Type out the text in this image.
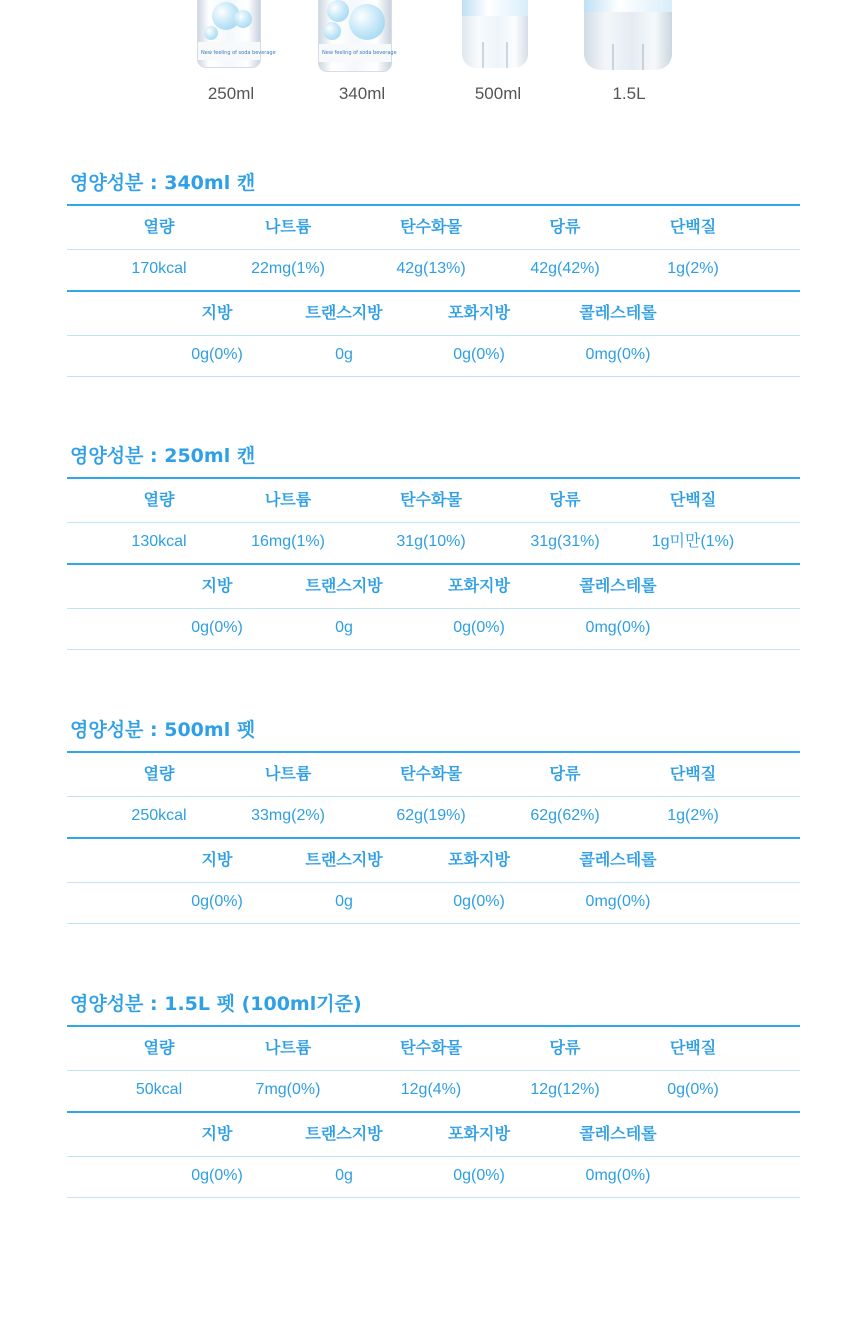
New feeling of soda beverage
250ml
New feeling of soda beverage
340ml	500ml	1.5L
영양성분 : 340ml 캔
열량	나트륨	탄수화물	당류	단백질
170kcal	22mg(1%)	42g(13%)	42g(42%)	1g(2%)
지방	트랜스지방	포화지방	콜레스테롤
0g(0%)	0g	0g(0%)	0mg(0%)
영양성분 : 250ml 캔
열량	나트륨	탄수화물	당류	단백질
130kcal	16mg(1%)	31g(10%)	31g(31%)	1g미만(1%)
지방	트랜스지방	포화지방	콜레스테롤
0g(0%)	0g	0g(0%)	0mg(0%)
영양성분 : 500ml 펫
열량	나트륨	탄수화물	당류	단백질
250kcal	33mg(2%)	62g(19%)	62g(62%)	1g(2%)
지방	트랜스지방	포화지방	콜레스테롤
0g(0%)	0g	0g(0%)	0mg(0%)
영양성분 : 1.5L 펫 (100ml기준)
열량	나트륨	탄수화물	당류	단백질
50kcal	7mg(0%)	12g(4%)	12g(12%)	0g(0%)
지방	트랜스지방	포화지방	콜레스테롤
0g(0%)	0g	0g(0%)	0mg(0%)
